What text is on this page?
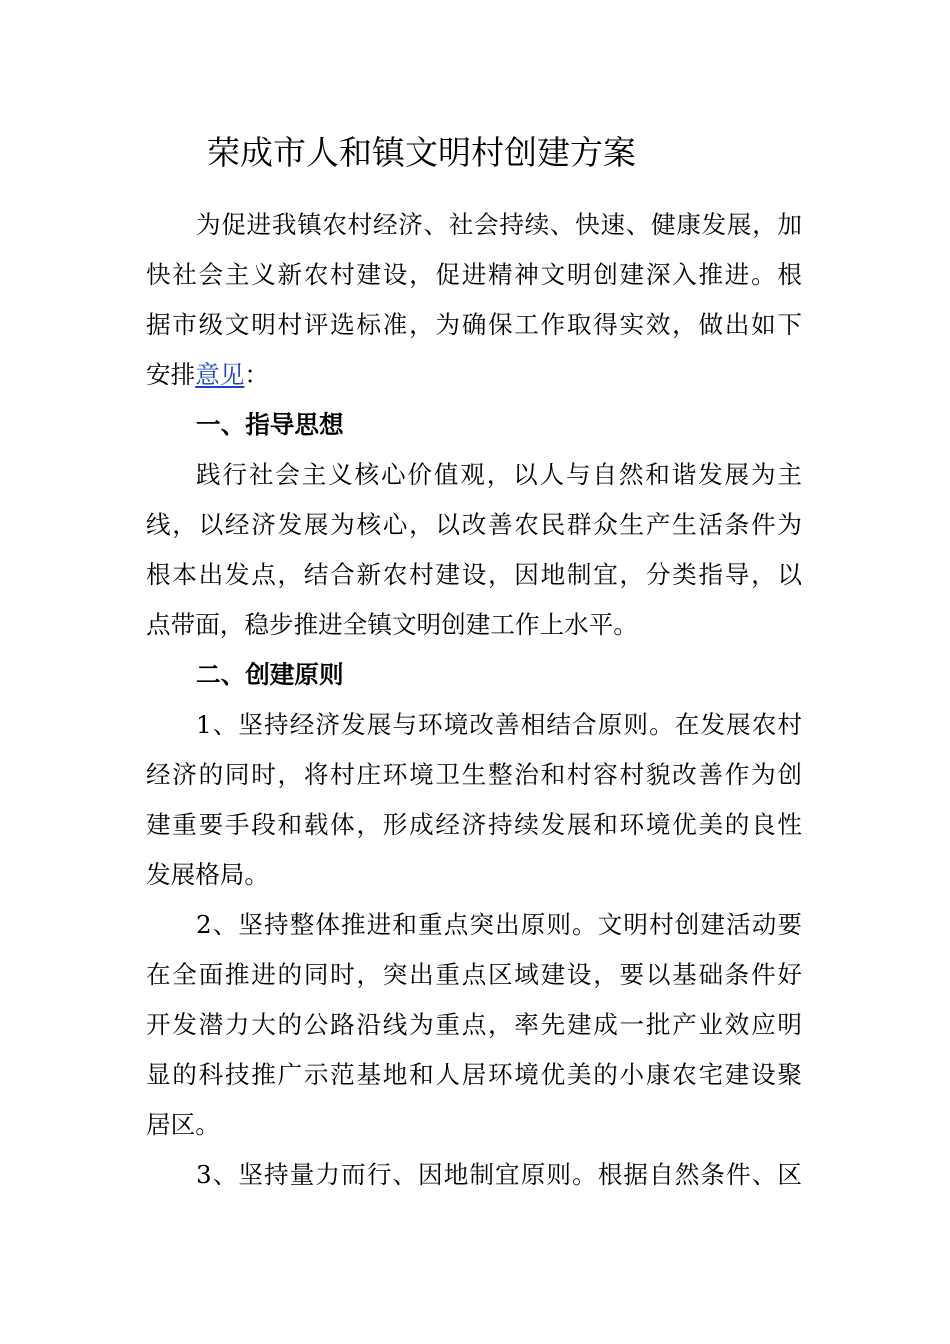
荣成市人和镇文明村创建方案
为促进我镇农村经济、社会持续、快速、健康发展，加
快社会主义新农村建设，促进精神文明创建深入推进。根
据市级文明村评选标准，为确保工作取得实效，做出如下
安排意见：
一、指导思想
践行社会主义核心价值观，以人与自然和谐发展为主
线，以经济发展为核心，以改善农民群众生产生活条件为
根本出发点，结合新农村建设，因地制宜，分类指导，以
点带面，稳步推进全镇文明创建工作上水平。
二、创建原则
1、坚持经济发展与环境改善相结合原则。在发展农村
经济的同时，将村庄环境卫生整治和村容村貌改善作为创
建重要手段和载体，形成经济持续发展和环境优美的良性
发展格局。
2、坚持整体推进和重点突出原则。文明村创建活动要
在全面推进的同时，突出重点区域建设，要以基础条件好
开发潜力大的公路沿线为重点，率先建成一批产业效应明
显的科技推广示范基地和人居环境优美的小康农宅建设聚
居区。
3、坚持量力而行、因地制宜原则。根据自然条件、区
